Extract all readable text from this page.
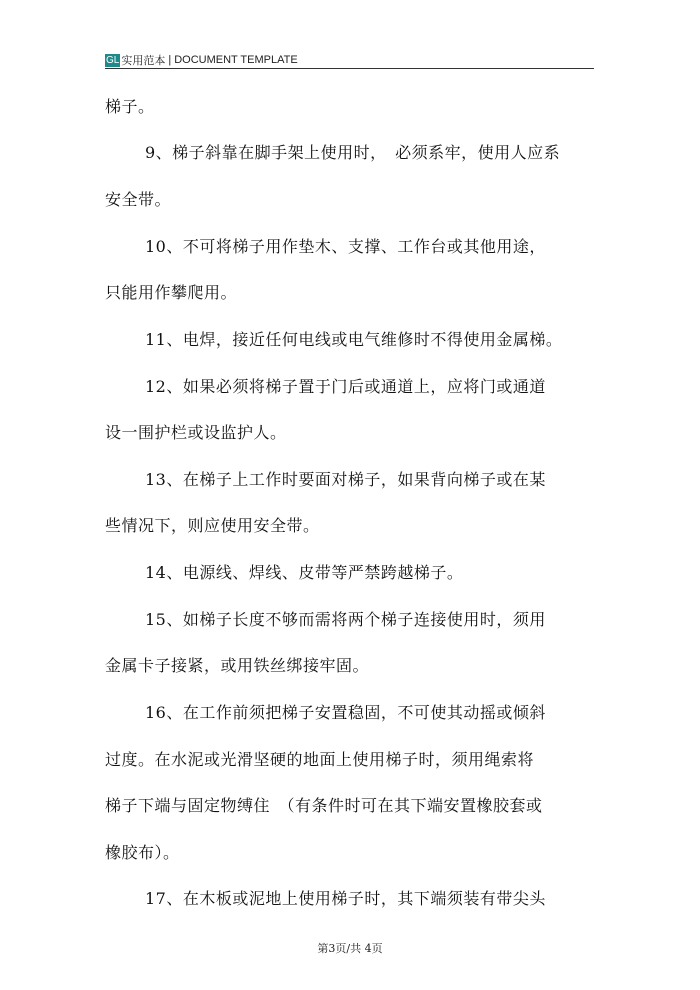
GL 实用范本 | DOCUMENT TEMPLATE
梯子。
9、梯子斜靠在脚手架上使用时，　必须系牢，使用人应系
安全带。
10、不可将梯子用作垫木、支撑、工作台或其他用途，
只能用作攀爬用。
11、电焊，接近任何电线或电气维修时不得使用金属梯。
12、如果必须将梯子置于门后或通道上，应将门或通道
设一围护栏或设监护人。
13、在梯子上工作时要面对梯子，如果背向梯子或在某
些情况下，则应使用安全带。
14、电源线、焊线、皮带等严禁跨越梯子。
15、如梯子长度不够而需将两个梯子连接使用时，须用
金属卡子接紧，或用铁丝绑接牢固。
16、在工作前须把梯子安置稳固，不可使其动摇或倾斜
过度。在水泥或光滑坚硬的地面上使用梯子时，须用绳索将
梯子下端与固定物缚住　（有条件时可在其下端安置橡胶套或
橡胶布）。
17、在木板或泥地上使用梯子时，其下端须装有带尖头
第3页/共 4页
